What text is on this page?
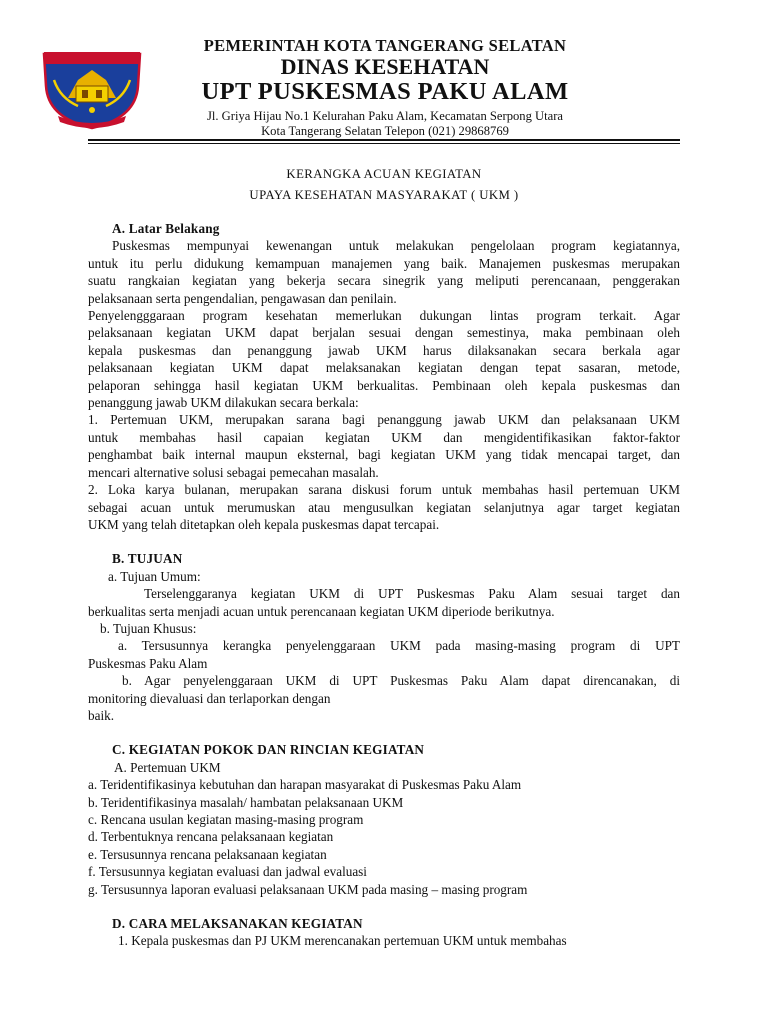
PEMERINTAH KOTA TANGERANG SELATAN
DINAS KESEHATAN
UPT PUSKESMAS PAKU ALAM
Jl. Griya Hijau No.1 Kelurahan Paku Alam, Kecamatan Serpong Utara
Kota Tangerang Selatan Telepon (021) 29868769
KERANGKA ACUAN KEGIATAN
UPAYA KESEHATAN MASYARAKAT ( UKM )

A. Latar Belakang

Puskesmas mempunyai kewenangan untuk melakukan pengelolaan program kegiatannya,

untuk itu perlu didukung kemampuan manajemen yang baik. Manajemen puskesmas merupakan

suatu rangkaian kegiatan yang bekerja secara sinegrik yang meliputi perencanaan, penggerakan

pelaksanaan serta pengendalian, pengawasan dan penilain.

Penyelengggaraan program kesehatan memerlukan dukungan lintas program terkait. Agar

pelaksanaan kegiatan UKM dapat berjalan sesuai dengan semestinya, maka pembinaan oleh

kepala puskesmas dan penanggung jawab UKM harus dilaksanakan secara berkala agar

pelaksanaan kegiatan UKM dapat melaksanakan kegiatan dengan tepat sasaran, metode,

pelaporan sehingga hasil kegiatan UKM berkualitas. Pembinaan oleh kepala puskesmas dan

penanggung jawab UKM dilakukan secara berkala:

1. Pertemuan UKM, merupakan sarana bagi penanggung jawab UKM dan pelaksanaan UKM

untuk membahas hasil capaian kegiatan UKM dan mengidentifikasikan faktor-faktor

penghambat baik internal maupun eksternal, bagi kegiatan UKM yang tidak mencapai target, dan

mencari alternative solusi sebagai pemecahan masalah.

2. Loka karya bulanan, merupakan sarana diskusi forum untuk membahas hasil pertemuan UKM

sebagai acuan untuk merumuskan atau mengusulkan kegiatan selanjutnya agar target kegiatan

UKM yang telah ditetapkan oleh kepala puskesmas dapat tercapai.

B. TUJUAN

a. Tujuan Umum:

Terselenggaranya kegiatan UKM di UPT Puskesmas Paku Alam sesuai target dan

berkualitas serta menjadi acuan untuk perencanaan kegiatan UKM diperiode berikutnya.

b. Tujuan Khusus:

a. Tersusunnya kerangka penyelenggaraan UKM pada masing-masing program di UPT

Puskesmas Paku Alam

b. Agar penyelenggaraan UKM di UPT Puskesmas Paku Alam dapat direncanakan, di

monitoring dievaluasi dan terlaporkan dengan

baik.

C. KEGIATAN POKOK DAN RINCIAN KEGIATAN

A. Pertemuan UKM

a. Teridentifikasinya kebutuhan dan harapan masyarakat di Puskesmas Paku Alam

b. Teridentifikasinya masalah/ hambatan pelaksanaan UKM

c. Rencana usulan kegiatan masing-masing program

d. Terbentuknya rencana pelaksanaan kegiatan

e. Tersusunnya rencana pelaksanaan kegiatan

f. Tersusunnya kegiatan evaluasi dan jadwal evaluasi

g. Tersusunnya laporan evaluasi pelaksanaan UKM pada masing – masing program

D. CARA MELAKSANAKAN KEGIATAN

1. Kepala puskesmas dan PJ UKM merencanakan pertemuan UKM untuk membahas
